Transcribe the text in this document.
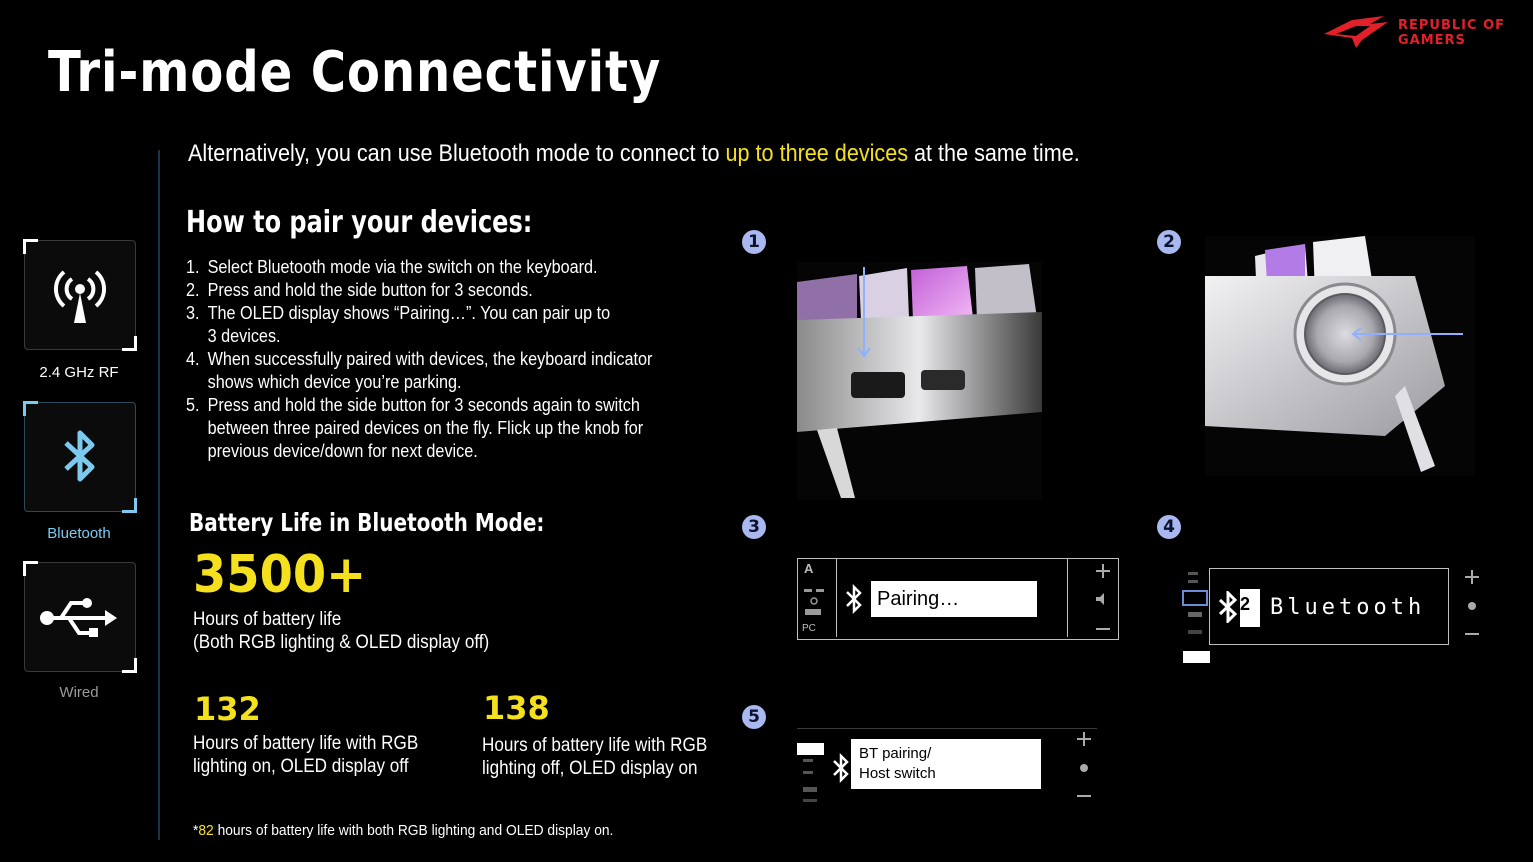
Tri-mode Connectivity
REPUBLIC OF
GAMERS
2.4 GHz RF
Bluetooth
Wired
Alternatively, you can use Bluetooth mode to connect to up to three devices at the same time.
How to pair your devices:
1. Select Bluetooth mode via the switch on the keyboard.
2. Press and hold the side button for 3 seconds.
3. The OLED display shows “Pairing…”. You can pair up to 3 devices.
4. When successfully paired with devices, the keyboard indicator shows which device you’re parking.
5. Press and hold the side button for 3 seconds again to switch between three paired devices on the fly. Flick up the knob for previous device/down for next device.
Battery Life in Bluetooth Mode:
3500+
Hours of battery life
(Both RGB lighting & OLED display off)
132
Hours of battery life with RGB
lighting on, OLED display off
138
Hours of battery life with RGB
lighting off, OLED display on
*82 hours of battery life with both RGB lighting and OLED display on.
1	2
3	4
5
A
PC
Pairing…	2 Bluetooth
BT pairing/
Host switch
